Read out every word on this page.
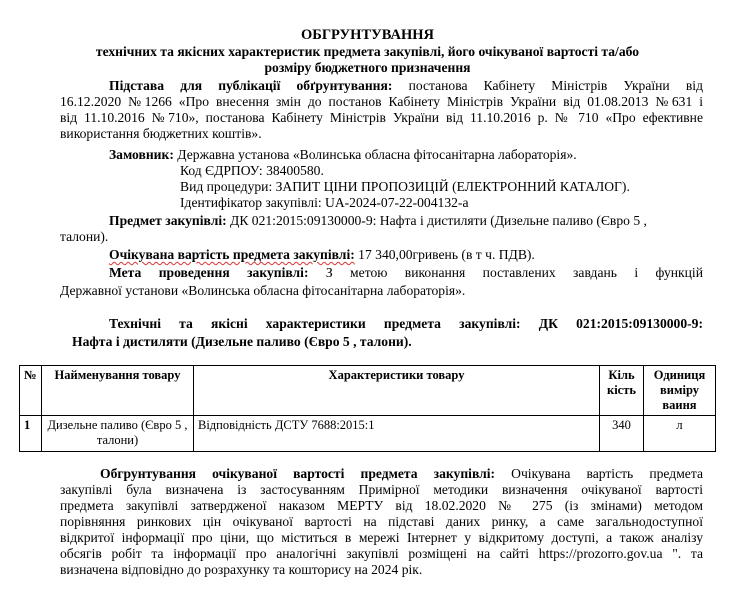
ОБГРУНТУВАННЯ
технічних та якісних характеристик предмета закупівлі, його очікуваної вартості та/або
розміру бюджетного призначення
Підстава для публікації обґрунтування: постанова Кабінету Міністрів України від
16.12.2020 №1266 «Про внесення змін до постанов Кабінету Міністрів України від 01.08.2013 №631 і
від 11.10.2016 №710», постанова Кабінету Міністрів України від 11.10.2016 р. № 710 «Про ефективне
використання бюджетних коштів».
Замовник: Державна установа «Волинська обласна фітосанітарна лабораторія».
Код ЄДРПОУ: 38400580.
Вид процедури: ЗАПИТ ЦІНИ ПРОПОЗИЦІЙ (ЕЛЕКТРОННИЙ КАТАЛОГ).
Ідентифікатор закупівлі: UA-2024-07-22-004132-a
Предмет закупівлі: ДК 021:2015:09130000-9: Нафта і дистиляти (Дизельне паливо (Євро 5 ,
талони).
Очікувана вартість предмета закупівлі: 17 340,00гривень (в т ч. ПДВ).
Мета проведення закупівлі: З метою виконання поставлених завдань і функцій
Державної установи «Волинська обласна фітосанітарна лабораторія».
Технічні та якісні характеристики предмета закупівлі: ДК 021:2015:09130000-9:
Нафта і дистиляти (Дизельне паливо (Євро 5 , талони).
№	Найменування товару	Характеристики товару	Кіль кість	Одиниця виміру ваиня
1	Дизельне паливо (Євро 5 , талони)	Відповідність ДСТУ 7688:2015:1	340	л
Обгрунтування очікуваної вартості предмета закупівлі: Очікувана вартість предмета
закупівлі була визначена із застосуванням Примірної методики визначення очікуваної вартості
предмета закупівлі затвердженої наказом МЕРТУ від 18.02.2020 № 275 (із змінами) методом
порівняння ринкових цін очікуваної вартості на підставі даних ринку, а саме загальнодоступної
відкритої інформації про ціни, що міститься в мережі Інтернет у відкритому доступі, а також аналізу
обсягів робіт та інформації про аналогічні закупівлі розміщені на сайті https://prozorro.gov.ua ". та
визначена відповідно до розрахунку та кошторису на 2024 рік.
